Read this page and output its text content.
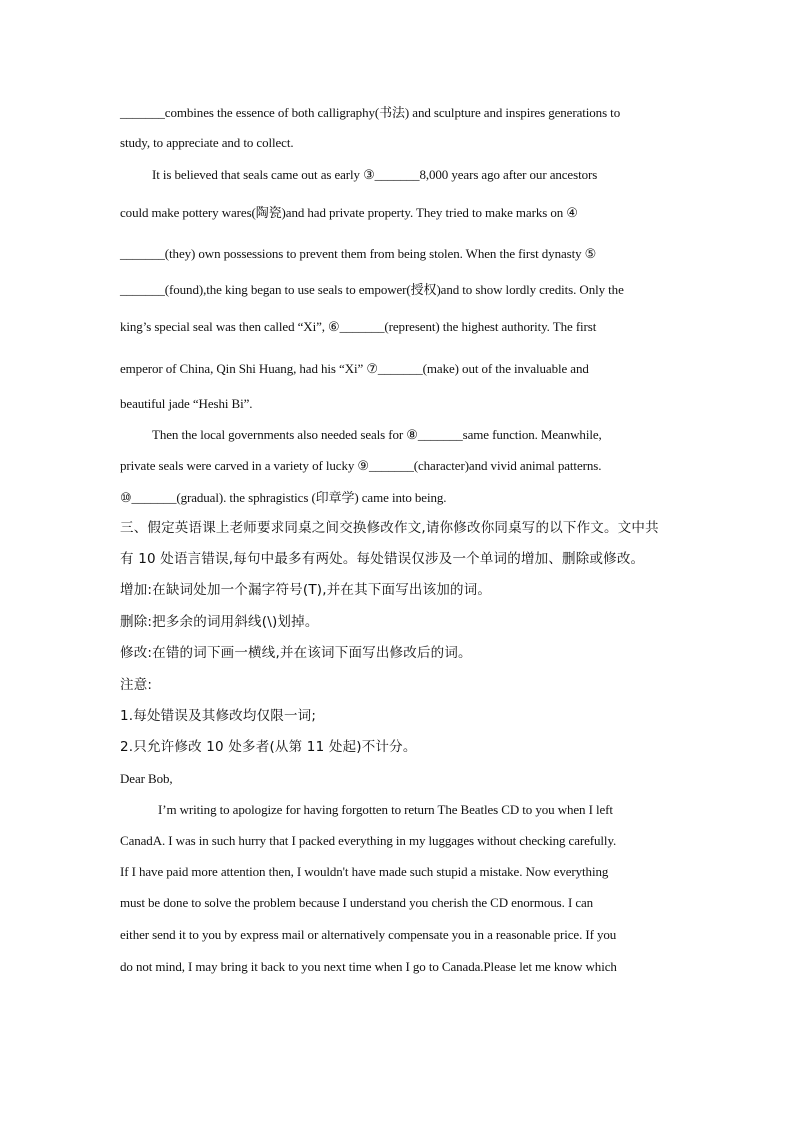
_______combines the essence of both calligraphy(书法) and sculpture and inspires generations to
study, to appreciate and to collect.
It is believed that seals came out as early ③_______8,000 years ago after our ancestors
could make pottery wares(陶瓷)and had private property. They tried to make marks on ④
_______(they) own possessions to prevent them from being stolen. When the first dynasty ⑤
_______(found),the king began to use seals to empower(授权)and to show lordly credits. Only the
king’s special seal was then called “Xi”, ⑥_______(represent) the highest authority. The first
emperor of China, Qin Shi Huang, had his “Xi” ⑦_______(make) out of the invaluable and
beautiful jade “Heshi Bi”.
Then the local governments also needed seals for ⑧_______same function. Meanwhile,
private seals were carved in a variety of lucky ⑨_______(character)and vivid animal patterns.
⑩_______(gradual). the sphragistics (印章学) came into being.
三、假定英语课上老师要求同桌之间交换修改作文,请你修改你同桌写的以下作文。文中共
有 10 处语言错误,每句中最多有两处。每处错误仅涉及一个单词的增加、删除或修改。
增加:在缺词处加一个漏字符号(T),并在其下面写出该加的词。
删除:把多余的词用斜线(\)划掉。
修改:在错的词下画一横线,并在该词下面写出修改后的词。
注意:
1.每处错误及其修改均仅限一词;
2.只允许修改 10 处多者(从第 11 处起)不计分。
Dear Bob,
I’m writing to apologize for having forgotten to return The Beatles CD to you when I left
CanadA. I was in such hurry that I packed everything in my luggages without checking carefully.
If I have paid more attention then, I wouldn't have made such stupid a mistake. Now everything
must be done to solve the problem because I understand you cherish the CD enormous. I can
either send it to you by express mail or alternatively compensate you in a reasonable price. If you
do not mind, I may bring it back to you next time when I go to Canada.Please let me know which
